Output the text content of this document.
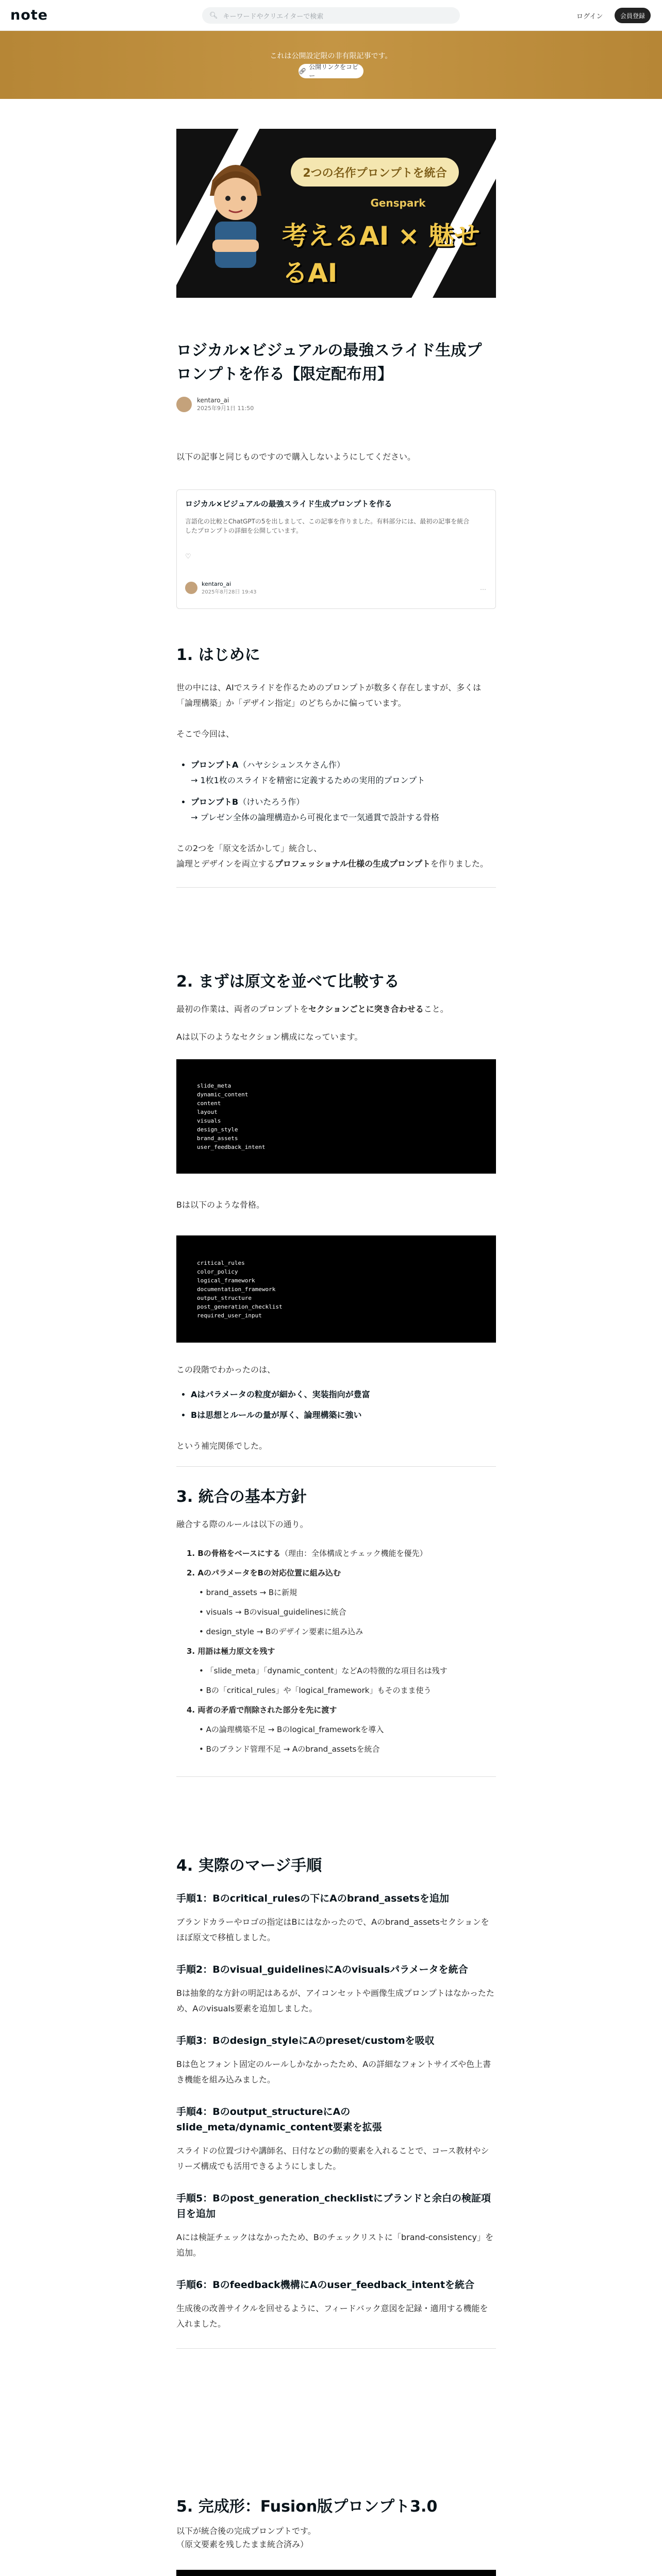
note	🔍︎ キーワードやクリエイターで検索	ログイン	会員登録

これは公開設定限の非有限記事です。

🔗︎
公開リンクをコピー
2つの名作プロンプトを統合
Genspark
考えるAI × 魅せるAI
ロジカル×ビジュアルの最強スライド生成プロンプトを作る【限定配布用】
kentaro_ai
2025年9月1日 11:50
以下の記事と同じものですので購入しないようにしてください。
ロジカル×ビジュアルの最強スライド生成プロンプトを作る
言語化の比較とChatGPTの5を出しまして、この記事を作りました。有料部分には、最初の記事を統合したプロンプトの詳細を公開しています。
♡
kentaro_ai
2025年8月28日 19:43	⋯
1. はじめに
世の中には、AIでスライドを作るためのプロンプトが数多く存在しますが、多くは「論理構築」か「デザイン指定」のどちらかに偏っています。
そこで今回は、
• プロンプトA（ハヤシシュンスケさん作）
→ 1枚1枚のスライドを精密に定義するための実用的プロンプト
• プロンプトB（けいたろう作）
→ プレゼン全体の論理構造から可視化まで一気通貫で設計する骨格
この2つを「原文を活かして」統合し、
論理とデザインを両立するプロフェッショナル仕様の生成プロンプトを作りました。
2. まずは原文を並べて比較する
最初の作業は、両者のプロンプトをセクションごとに突き合わせること。
Aは以下のようなセクション構成になっています。
slide_meta
dynamic_content
content
layout
visuals
design_style
brand_assets
user_feedback_intent
Bは以下のような骨格。
critical_rules
color_policy
logical_framework
documentation_framework
output_structure
post_generation_checklist
required_user_input
この段階でわかったのは、
• Aはパラメータの粒度が細かく、実装指向が豊富
• Bは思想とルールの量が厚く、論理構築に強い
という補完関係でした。
3. 統合の基本方針
融合する際のルールは以下の通り。
1. Bの骨格をベースにする（理由：全体構成とチェック機能を優先）
2. AのパラメータをBの対応位置に組み込む
• brand_assets → Bに新規
• visuals → Bのvisual_guidelinesに統合
• design_style → Bのデザイン要素に組み込み
3. 用語は極力原文を残す
• 「slide_meta」「dynamic_content」などAの特徴的な項目名は残す
• Bの「critical_rules」や「logical_framework」もそのまま使う
4. 両者の矛盾で削除された部分を先に渡す
• Aの論理構築不足 → Bのlogical_frameworkを導入
• Bのブランド管理不足 → Aのbrand_assetsを統合
4. 実際のマージ手順
手順1：Bのcritical_rulesの下にAのbrand_assetsを追加
ブランドカラーやロゴの指定はBにはなかったので、Aのbrand_assetsセクションをほぼ原文で移植しました。
手順2：Bのvisual_guidelinesにAのvisualsパラメータを統合
Bは抽象的な方針の明記はあるが、アイコンセットや画像生成プロンプトはなかったため、Aのvisuals要素を追加しました。
手順3：Bのdesign_styleにAのpreset/customを吸収
Bは色とフォント固定のルールしかなかったため、Aの詳細なフォントサイズや色上書き機能を組み込みました。
手順4：Bのoutput_structureにAのslide_meta/dynamic_content要素を拡張
スライドの位置づけや講師名、日付などの動的要素を入れることで、コース教材やシリーズ構成でも活用できるようにしました。
手順5：Bのpost_generation_checklistにブランドと余白の検証項目を追加
Aには検証チェックはなかったため、Bのチェックリストに「brand-consistency」を追加。
手順6：Bのfeedback機構にAのuser_feedback_intentを統合
生成後の改善サイクルを回せるように、フィードバック意図を記録・適用する機能を入れました。
5. 完成形：Fusion版プロンプト3.0
以下が統合後の完成プロンプトです。
（原文要素を残したまま統合済み）
